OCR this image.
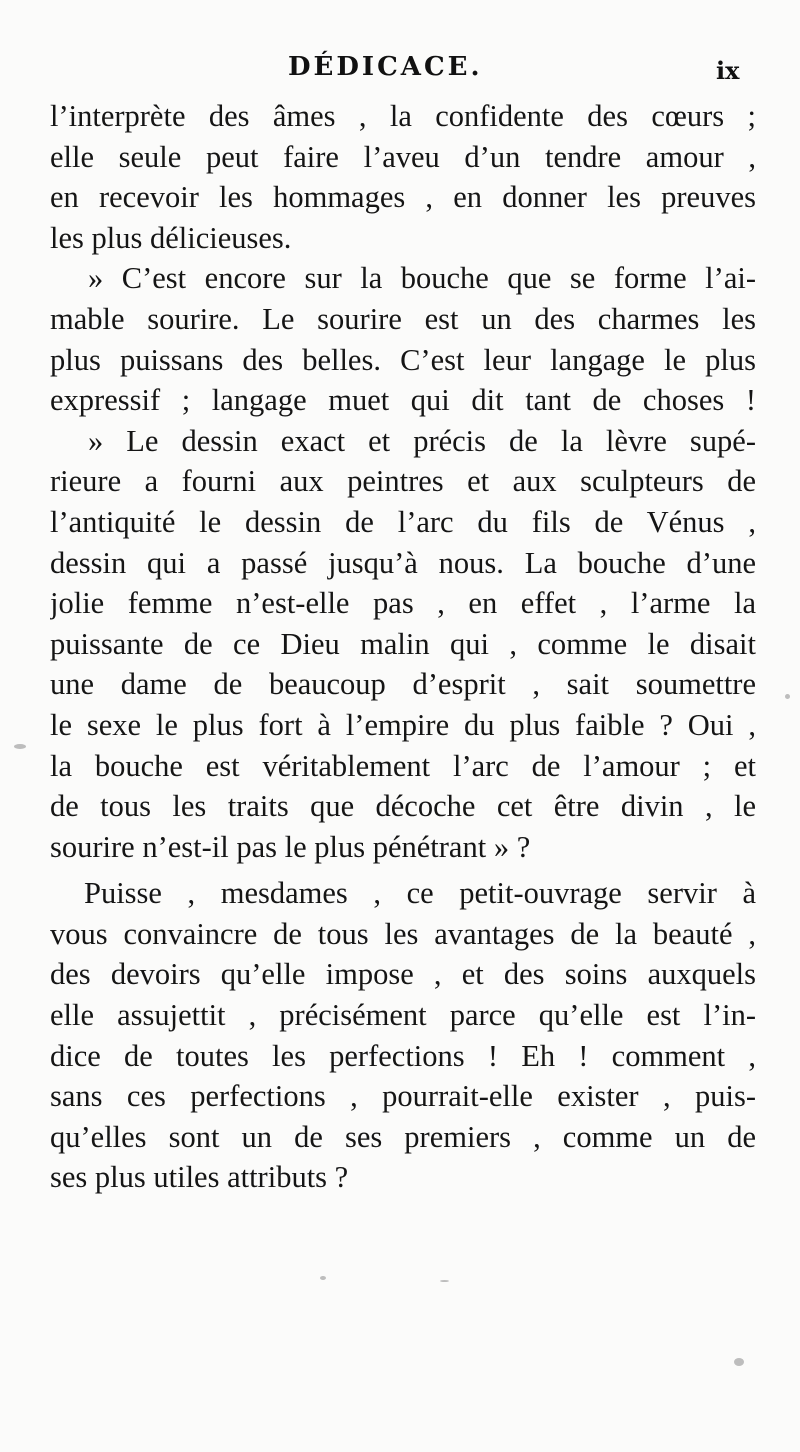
DÉDICACE.	ix
l’interprète des âmes , la confidente des cœurs ;
elle seule peut faire l’aveu d’un tendre amour ,
en recevoir les hommages , en donner les preuves
les plus délicieuses.
» C’est encore sur la bouche que se forme l’ai-
mable sourire. Le sourire est un des charmes les
plus puissans des belles. C’est leur langage le plus
expressif ; langage muet qui dit tant de choses !
» Le dessin exact et précis de la lèvre supé-
rieure a fourni aux peintres et aux sculpteurs de
l’antiquité le dessin de l’arc du fils de Vénus ,
dessin qui a passé jusqu’à nous. La bouche d’une
jolie femme n’est-elle pas , en effet , l’arme la
puissante de ce Dieu malin qui , comme le disait
une dame de beaucoup d’esprit , sait soumettre
le sexe le plus fort à l’empire du plus faible ? Oui ,
la bouche est véritablement l’arc de l’amour ; et
de tous les traits que décoche cet être divin , le
sourire n’est-il pas le plus pénétrant » ?
Puisse , mesdames , ce petit-ouvrage servir à
vous convaincre de tous les avantages de la beauté ,
des devoirs qu’elle impose , et des soins auxquels
elle assujettit , précisément parce qu’elle est l’in-
dice de toutes les perfections ! Eh ! comment ,
sans ces perfections , pourrait-elle exister , puis-
qu’elles sont un de ses premiers , comme un de
ses plus utiles attributs ?
